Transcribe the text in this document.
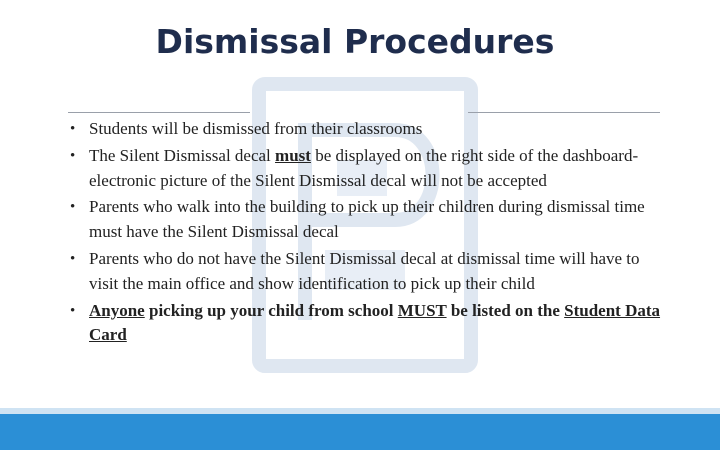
Dismissal Procedures
• Students will be dismissed from their classrooms
• The Silent Dismissal decal must be displayed on the right side of the dashboard- electronic picture of the Silent Dismissal decal will not be accepted
• Parents who walk into the building to pick up their children during dismissal time must have the Silent Dismissal decal
• Parents who do not have the Silent Dismissal decal at dismissal time will have to visit the main office and show identification to pick up their child
• Anyone picking up your child from school MUST be listed on the Student Data Card
